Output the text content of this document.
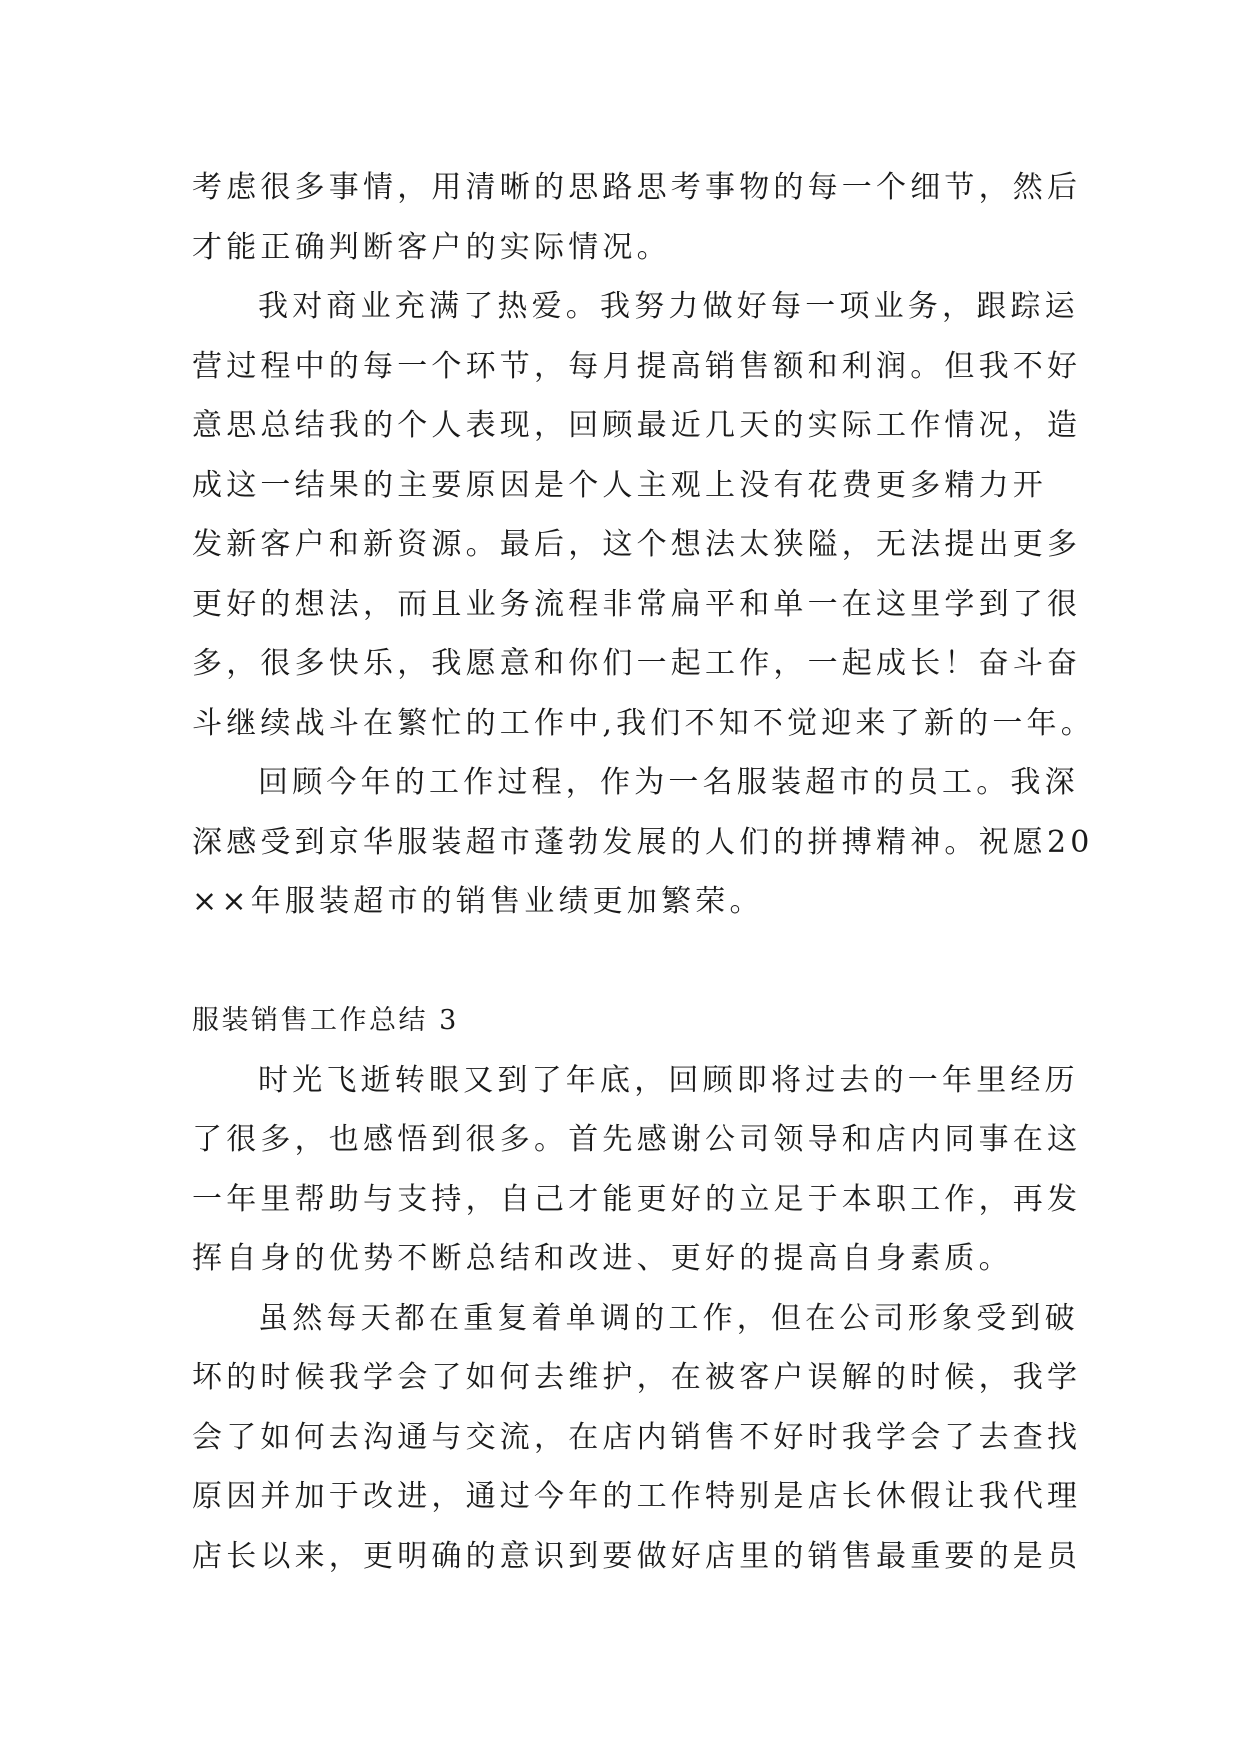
考虑很多事情，用清晰的思路思考事物的每一个细节，然后
才能正确判断客户的实际情况。
我对商业充满了热爱。我努力做好每一项业务，跟踪运
营过程中的每一个环节，每月提高销售额和利润。但我不好
意思总结我的个人表现，回顾最近几天的实际工作情况，造
成这一结果的主要原因是个人主观上没有花费更多精力开
发新客户和新资源。最后，这个想法太狭隘，无法提出更多
更好的想法，而且业务流程非常扁平和单一在这里学到了很
多，很多快乐，我愿意和你们一起工作，一起成长！奋斗奋
斗继续战斗在繁忙的工作中,我们不知不觉迎来了新的一年。
回顾今年的工作过程，作为一名服装超市的员工。我深
深感受到京华服装超市蓬勃发展的人们的拼搏精神。祝愿20
××年服装超市的销售业绩更加繁荣。
服装销售工作总结 3
时光飞逝转眼又到了年底，回顾即将过去的一年里经历
了很多，也感悟到很多。首先感谢公司领导和店内同事在这
一年里帮助与支持，自己才能更好的立足于本职工作，再发
挥自身的优势不断总结和改进、更好的提高自身素质。
虽然每天都在重复着单调的工作，但在公司形象受到破
坏的时候我学会了如何去维护，在被客户误解的时候，我学
会了如何去沟通与交流，在店内销售不好时我学会了去查找
原因并加于改进，通过今年的工作特别是店长休假让我代理
店长以来，更明确的意识到要做好店里的销售最重要的是员
